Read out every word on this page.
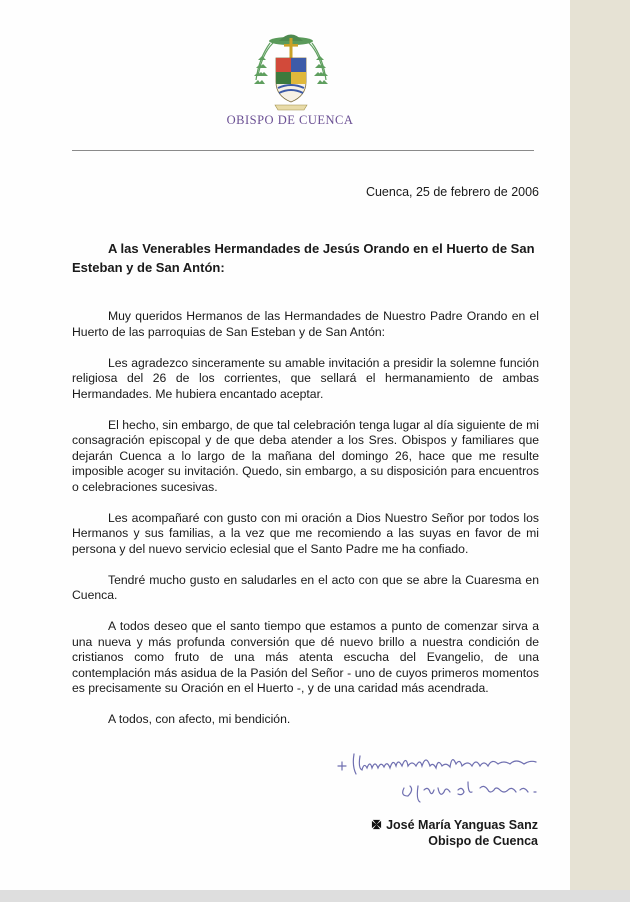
OBISPO DE CUENCA
Cuenca, 25 de febrero de 2006
A las Venerables Hermandades de Jesús Orando en el Huerto de San Esteban y de San Antón:

Muy queridos Hermanos de las Hermandades de Nuestro Padre Orando en el Huerto de las parroquias de San Esteban y de San Antón:

Les agradezco sinceramente su amable invitación a presidir la solemne función religiosa del 26 de los corrientes, que sellará el hermanamiento de ambas Hermandades. Me hubiera encantado aceptar.

El hecho, sin embargo, de que tal celebración tenga lugar al día siguiente de mi consagración episcopal y de que deba atender a los Sres. Obispos y familiares que dejarán Cuenca a lo largo de la mañana del domingo 26, hace que me resulte imposible acoger su invitación. Quedo, sin embargo, a su disposición para encuentros o celebraciones sucesivas.

Les acompañaré con gusto con mi oración a Dios Nuestro Señor por todos los Hermanos y sus familias, a la vez que me recomiendo a las suyas en favor de mi persona y del nuevo servicio eclesial que el Santo Padre me ha confiado.

Tendré mucho gusto en saludarles en el acto con que se abre la Cuaresma en Cuenca.

A todos deseo que el santo tiempo que estamos a punto de comenzar sirva a una nueva y más profunda conversión que dé nuevo brillo a nuestra condición de cristianos como fruto de una más atenta escucha del Evangelio, de una contemplación más asidua de la Pasión del Señor - uno de cuyos primeros momentos es precisamente su Oración en el Huerto -, y de una caridad más acendrada.

A todos, con afecto, mi bendición.

José María Yanguas Sanz
Obispo de Cuenca
